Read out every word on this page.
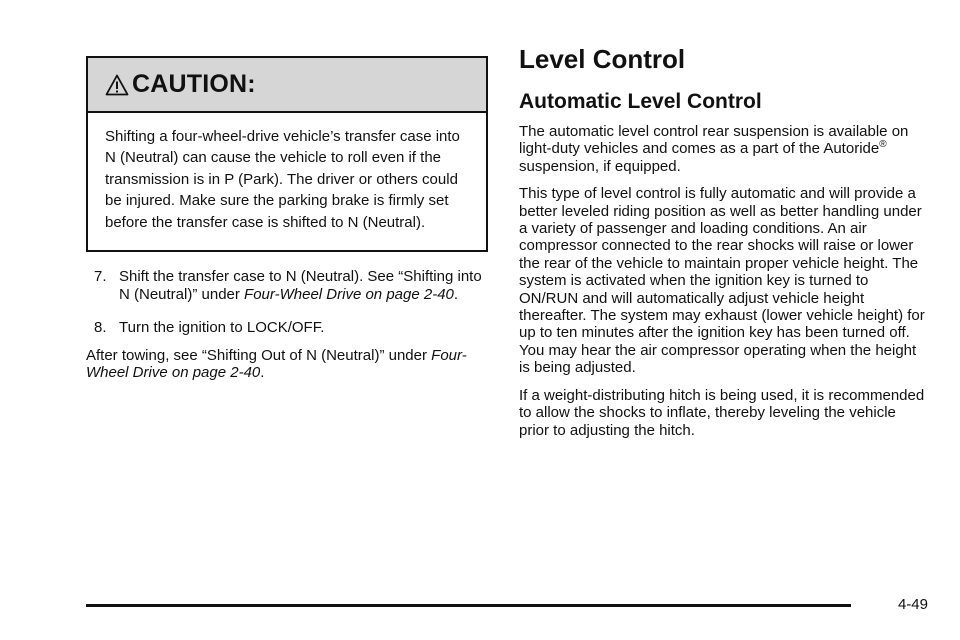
CAUTION:
Shifting a four-wheel-drive vehicle’s transfer case into N (Neutral) can cause the vehicle to roll even if the transmission is in P (Park). The driver or others could be injured. Make sure the parking brake is firmly set before the transfer case is shifted to N (Neutral).
7. Shift the transfer case to N (Neutral). See “Shifting into N (Neutral)” under Four-Wheel Drive on page 2-40.
8. Turn the ignition to LOCK/OFF.

After towing, see “Shifting Out of N (Neutral)” under Four-Wheel Drive on page 2-40.

Level Control
Automatic Level Control

The automatic level control rear suspension is available on light-duty vehicles and comes as a part of the Autoride® suspension, if equipped.

This type of level control is fully automatic and will provide a better leveled riding position as well as better handling under a variety of passenger and loading conditions. An air compressor connected to the rear shocks will raise or lower the rear of the vehicle to maintain proper vehicle height. The system is activated when the ignition key is turned to ON/RUN and will automatically adjust vehicle height thereafter. The system may exhaust (lower vehicle height) for up to ten minutes after the ignition key has been turned off. You may hear the air compressor operating when the height is being adjusted.

If a weight-distributing hitch is being used, it is recommended to allow the shocks to inflate, thereby leveling the vehicle prior to adjusting the hitch.

4-49
